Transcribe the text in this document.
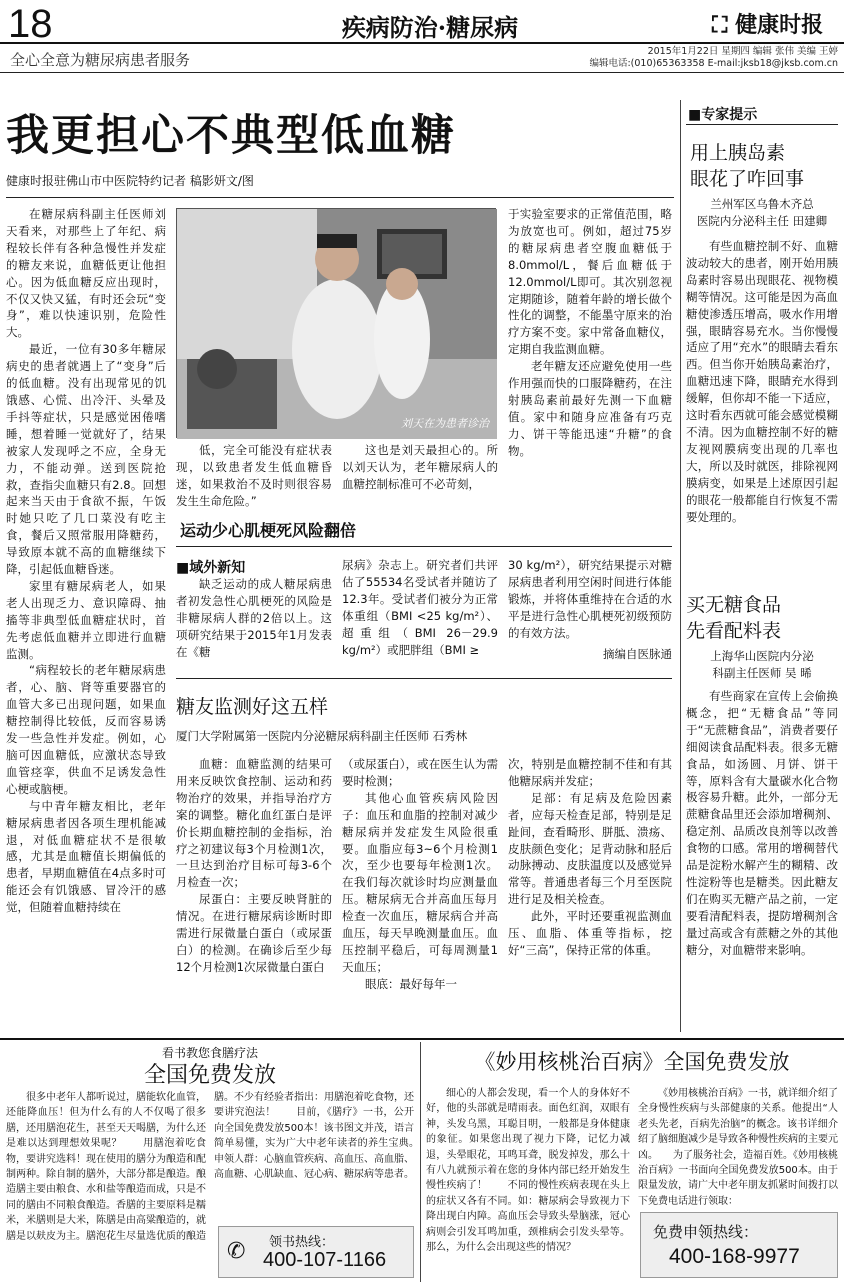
18	疾病防治·糖尿病	⛶ 健康时报
全心全意为糖尿病患者服务	2015年1月22日 星期四 编辑 张伟 美编 王婷
编辑电话:(010)65363358 E-mail:jksb18@jksb.com.cn
我更担心不典型低血糖
健康时报驻佛山市中医院特约记者 稿影妍文/图

在糖尿病科副主任医师刘天看来，对那些上了年纪、病程较长伴有各种急慢性并发症的糖友来说，血糖低更让他担心。因为低血糖反应出现时，不仅又快又猛，有时还会玩“变身”，难以快速识别，危险性大。

最近，一位有30多年糖尿病史的患者就遇上了“变身”后的低血糖。没有出现常见的饥饿感、心慌、出冷汗、头晕及手抖等症状，只是感觉困倦嗜睡，想着睡一觉就好了，结果被家人发现呼之不应，全身无力，不能动弹。送到医院抢救，查指尖血糖只有2.8。回想起来当天由于食欲不振，午饭时她只吃了几口菜没有吃主食，餐后又照常服用降糖药，导致原本就不高的血糖继续下降，引起低血糖昏迷。

家里有糖尿病老人，如果老人出现乏力、意识障碍、抽搐等非典型低血糖症状时，首先考虑低血糖并立即进行血糖监测。

“病程较长的老年糖尿病患者，心、脑、肾等重要器官的血管大多已出现问题，如果血糖控制得比较低，反而容易诱发一些急性并发症。例如，心脑可因血糖低，应激状态导致血管痉挛，供血不足诱发急性心梗或脑梗。

与中青年糖友相比，老年糖尿病患者因各项生理机能减退，对低血糖症状不是很敏感，尤其是血糖值长期偏低的患者，早期血糖值在4点多时可能还会有饥饿感、冒冷汗的感觉，但随着血糖持续在

刘天在为患者诊治
低，完全可能没有症状表现，以致患者发生低血糖昏迷，如果救治不及时则很容易发生生命危险。”
这也是刘天最担心的。所以刘天认为，老年糖尿病人的血糖控制标准可不必苛刻，

于实验室要求的正常值范围，略为放宽也可。例如，超过75岁的糖尿病患者空腹血糖低于8.0mmol/L，餐后血糖低于12.0mmol/L即可。其次别忽视定期随诊，随着年龄的增长做个性化的调整，不能墨守原来的治疗方案不变。家中常备血糖仪，定期自我监测血糖。

老年糖友还应避免使用一些作用强而快的口服降糖药，在注射胰岛素前最好先测一下血糖值。家中和随身应准备有巧克力、饼干等能迅速“升糖”的食物。

运动少心肌梗死风险翻倍
■域外新知
缺乏运动的成人糖尿病患者初发急性心肌梗死的风险是非糖尿病人群的2倍以上。这项研究结果于2015年1月发表在《糖
尿病》杂志上。研究者们共评估了55534名受试者并随访了12.3年。受试者们被分为正常体重组（BMI <25 kg/m²）、超重组（BMI 26－29.9 kg/m²）或肥胖组（BMI ≥
30 kg/m²），研究结果提示对糖尿病患者利用空闲时间进行体能锻炼，并将体重维持在合适的水平是进行急性心肌梗死初级预防的有效方法。
摘编自医脉通
糖友监测好这五样
厦门大学附属第一医院内分泌糖尿病科副主任医师 石秀林

血糖：血糖监测的结果可用来反映饮食控制、运动和药物治疗的效果，并指导治疗方案的调整。糖化血红蛋白是评价长期血糖控制的金指标，治疗之初建议每3个月检测1次，一旦达到治疗目标可每3-6个月检查一次；

尿蛋白：主要反映肾脏的情况。在进行糖尿病诊断时即需进行尿微量白蛋白（或尿蛋白）的检测。在确诊后至少每12个月检测1次尿微量白蛋白

（或尿蛋白），或在医生认为需要时检测；

其他心血管疾病风险因子：血压和血脂的控制对减少糖尿病并发症发生风险很重要。血脂应每3~6个月检测1次，至少也要每年检测1次。在我们每次就诊时均应测量血压。糖尿病无合并高血压每月检查一次血压，糖尿病合并高血压，每天早晚测量血压。血压控制平稳后，可每周测量1天血压；

眼底：最好每年一

次，特别是血糖控制不佳和有其他糖尿病并发症；

足部：有足病及危险因素者，应每天检查足部，特别是足趾间，查看畸形、胼胝、溃疡、皮肤颜色变化；足背动脉和胫后动脉搏动、皮肤温度以及感觉异常等。普通患者每三个月至医院进行足及相关检查。

此外，平时还要重视监测血压、血脂、体重等指标，挖好“三高”，保持正常的体重。

■专家提示
用上胰岛素
眼花了咋回事
兰州军区乌鲁木齐总
医院内分泌科主任 田建卿
有些血糖控制不好、血糖波动较大的患者，刚开始用胰岛素时容易出现眼花、视物模糊等情况。这可能是因为高血糖使渗透压增高，吸水作用增强，眼睛容易充水。当你慢慢适应了用“充水”的眼睛去看东西。但当你开始胰岛素治疗，血糖迅速下降，眼睛充水得到缓解，但你却不能一下适应，这时看东西就可能会感觉模糊不清。因为血糖控制不好的糖友视网膜病变出现的几率也大，所以及时就医，排除视网膜病变，如果是上述原因引起的眼花一般都能自行恢复不需要处理的。
买无糖食品
先看配料表
上海华山医院内分泌
科副主任医师 吴 晞
有些商家在宣传上会偷换概念，把“无糖食品”等同于“无蔗糖食品”，消费者要仔细阅读食品配料表。很多无糖食品，如汤圆、月饼、饼干等，原料含有大量碳水化合物极容易升糖。此外，一部分无蔗糖食品里还会添加增稠剂、稳定剂、品质改良剂等以改善食物的口感。常用的增稠替代品是淀粉水解产生的糊精、改性淀粉等也是糖类。因此糖友们在购买无糖产品之前，一定要看清配料表，提防增稠剂含量过高或含有蔗糖之外的其他糖分，对血糖带来影响。
看书教您食膳疗法
全国免费发放
很多中老年人都听说过，膳能软化血管，还能降血压！但为什么有的人不仅喝了很多膳，还用膳泡花生，甚至天天喝膳，为什么还是难以达到理想效果呢？　　用膳泡着吃食物，要讲究选料！现在使用的膳分为酿造和配制两种。除自制的膳外，大部分都是酿造。酿造膳主要由粮食、水和盐等酿造而成，只是不同的膳由不同粮食酿造。香膳的主要原料是糯米，米膳则是大米，陈膳是由高粱酿造的，就膳是以麸皮为主。膳泡花生尽量选优质的酿造
膳。不少有经验者指出：用膳泡着吃食物，还要讲究泡法！　　目前，《膳疗》一书，公开向全国免费发放500本！该书图文并茂，语言简单易懂，实为广大中老年读者的养生宝典。　　申领人群：心脑血管疾病、高血压、高血脂、高血糖、心肌缺血、冠心病、糖尿病等患者。
✆ 领书热线：
400-107-1166
《妙用核桃治百病》全国免费发放
细心的人都会发现，看一个人的身体好不好，他的头部就是晴雨表。面色红润，双眼有神，头发乌黑，耳聪目明，一般都是身体健康的象征。如果您出现了视力下降，记忆力减退，头晕眼花，耳鸣耳聋，脱发掉发，那么十有八九就预示着在您的身体内部已经开始发生慢性疾病了！　　不同的慢性疾病表现在头上的症状又各有不同。如：糖尿病会导致视力下降出现白内障。高血压会导致头晕脑涨，冠心病则会引发耳鸣加重，颈椎病会引发头晕等。那么，为什么会出现这些的情况？
《妙用核桃治百病》一书，就详细介绍了全身慢性疾病与头部健康的关系。他提出“人老头先老，百病先治脑”的概念。该书详细介绍了脑细胞减少是导致各种慢性疾病的主要元凶。　　为了服务社会，造福百姓。《妙用核桃治百病》一书面向全国免费发放500本。由于限量发放，请广大中老年朋友抓紧时间拨打以下免费电话进行领取：
免费申领热线：
400-168-9977
